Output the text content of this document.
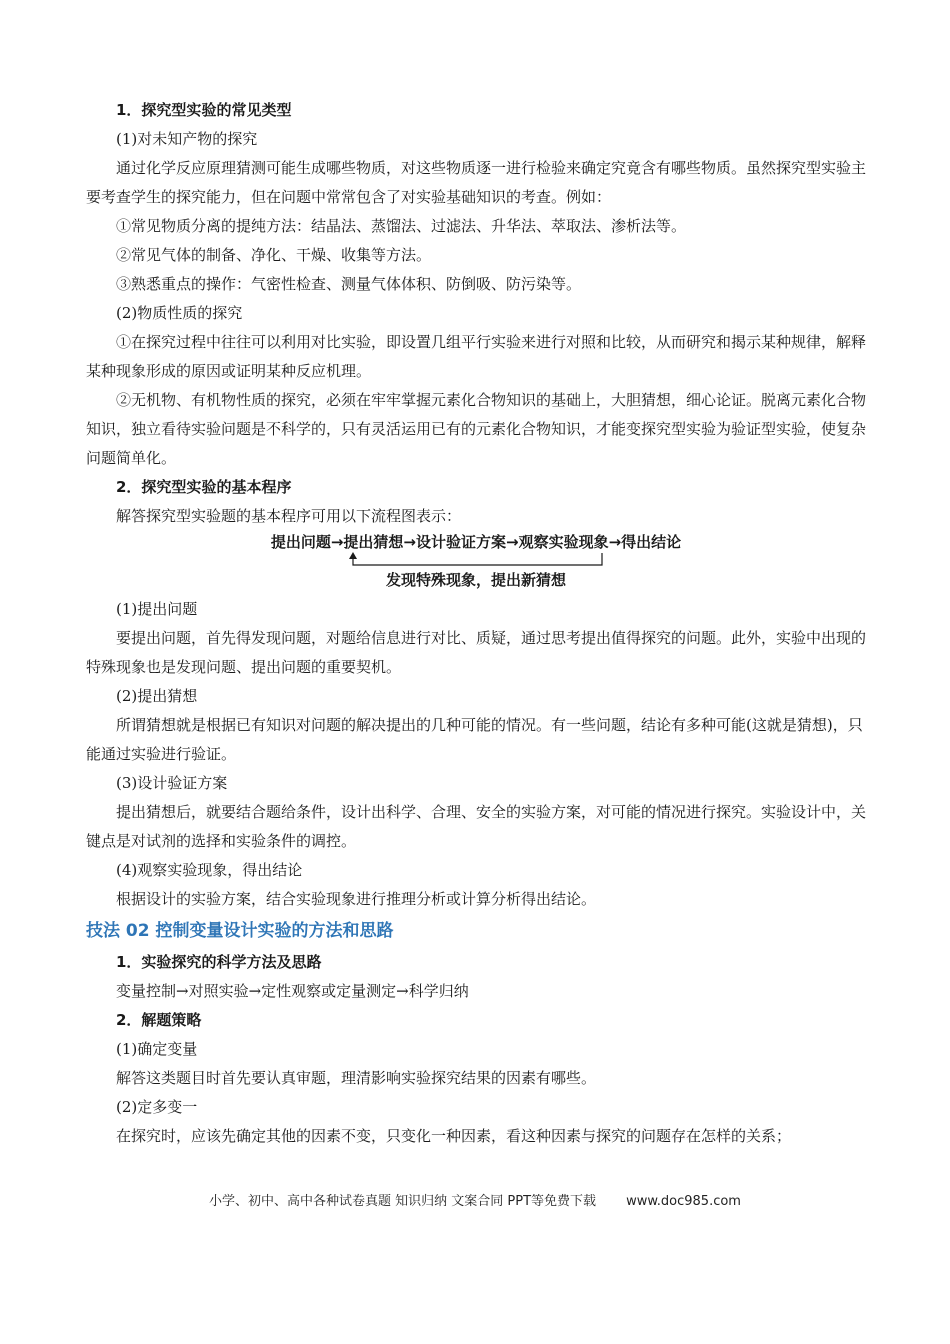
1．探究型实验的常见类型

(1)对未知产物的探究

通过化学反应原理猜测可能生成哪些物质，对这些物质逐一进行检验来确定究竟含有哪些物质。虽然探究型实验主要考查学生的探究能力，但在问题中常常包含了对实验基础知识的考查。例如：

①常见物质分离的提纯方法：结晶法、蒸馏法、过滤法、升华法、萃取法、渗析法等。

②常见气体的制备、净化、干燥、收集等方法。

③熟悉重点的操作：气密性检查、测量气体体积、防倒吸、防污染等。

(2)物质性质的探究

①在探究过程中往往可以利用对比实验，即设置几组平行实验来进行对照和比较，从而研究和揭示某种规律，解释某种现象形成的原因或证明某种反应机理。

②无机物、有机物性质的探究，必须在牢牢掌握元素化合物知识的基础上，大胆猜想，细心论证。脱离元素化合物知识，独立看待实验问题是不科学的，只有灵活运用已有的元素化合物知识，才能变探究型实验为验证型实验，使复杂问题简单化。

2．探究型实验的基本程序

解答探究型实验题的基本程序可用以下流程图表示：

提出问题→提出猜想→设计验证方案→观察实验现象→得出结论
发现特殊现象，提出新猜想

(1)提出问题

要提出问题，首先得发现问题，对题给信息进行对比、质疑，通过思考提出值得探究的问题。此外，实验中出现的特殊现象也是发现问题、提出问题的重要契机。

(2)提出猜想

所谓猜想就是根据已有知识对问题的解决提出的几种可能的情况。有一些问题，结论有多种可能(这就是猜想)，只能通过实验进行验证。

(3)设计验证方案

提出猜想后，就要结合题给条件，设计出科学、合理、安全的实验方案，对可能的情况进行探究。实验设计中，关键点是对试剂的选择和实验条件的调控。

(4)观察实验现象，得出结论

根据设计的实验方案，结合实验现象进行推理分析或计算分析得出结论。

技法 02 控制变量设计实验的方法和思路

1．实验探究的科学方法及思路

变量控制→对照实验→定性观察或定量测定→科学归纳

2．解题策略

(1)确定变量

解答这类题目时首先要认真审题，理清影响实验探究结果的因素有哪些。

(2)定多变一

在探究时，应该先确定其他的因素不变，只变化一种因素，看这种因素与探究的问题存在怎样的关系；

小学、初中、高中各种试卷真题 知识归纳 文案合同 PPT等免费下载 www.doc985.com
